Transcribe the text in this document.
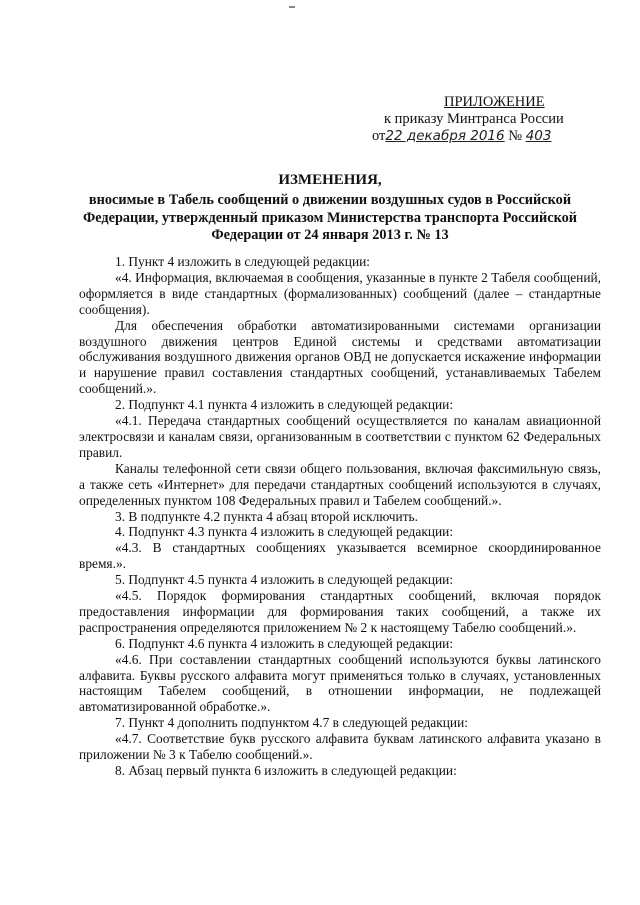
ПРИЛОЖЕНИЕ
к приказу Минтранса России
от22 декабря 2016 № 403
ИЗМЕНЕНИЯ,
вносимые в Табель сообщений о движении воздушных судов в Российской
Федерации, утвержденный приказом Министерства транспорта Российской
Федерации от 24 января 2013 г. № 13

1. Пункт 4 изложить в следующей редакции:

«4. Информация, включаемая в сообщения, указанные в пункте 2 Табеля сообщений, оформляется в виде стандартных (формализованных) сообщений (далее – стандартные сообщения).

Для обеспечения обработки автоматизированными системами организации воздушного движения центров Единой системы и средствами автоматизации обслуживания воздушного движения органов ОВД не допускается искажение информации и нарушение правил составления стандартных сообщений, устанавливаемых Табелем сообщений.».

2. Подпункт 4.1 пункта 4 изложить в следующей редакции:

«4.1. Передача стандартных сообщений осуществляется по каналам авиационной электросвязи и каналам связи, организованным в соответствии с пунктом 62 Федеральных правил.

Каналы телефонной сети связи общего пользования, включая факсимильную связь, а также сеть «Интернет» для передачи стандартных сообщений используются в случаях, определенных пунктом 108 Федеральных правил и Табелем сообщений.».

3. В подпункте 4.2 пункта 4 абзац второй исключить.

4. Подпункт 4.3 пункта 4 изложить в следующей редакции:

«4.3. В стандартных сообщениях указывается всемирное скоординированное время.».

5. Подпункт 4.5 пункта 4 изложить в следующей редакции:

«4.5. Порядок формирования стандартных сообщений, включая порядок предоставления информации для формирования таких сообщений, а также их распространения определяются приложением № 2 к настоящему Табелю сообщений.».

6. Подпункт 4.6 пункта 4 изложить в следующей редакции:

«4.6. При составлении стандартных сообщений используются буквы латинского алфавита. Буквы русского алфавита могут применяться только в случаях, установленных настоящим Табелем сообщений, в отношении информации, не подлежащей автоматизированной обработке.».

7. Пункт 4 дополнить подпунктом 4.7 в следующей редакции:

«4.7. Соответствие букв русского алфавита буквам латинского алфавита указано в приложении № 3 к Табелю сообщений.».

8. Абзац первый пункта 6 изложить в следующей редакции:
